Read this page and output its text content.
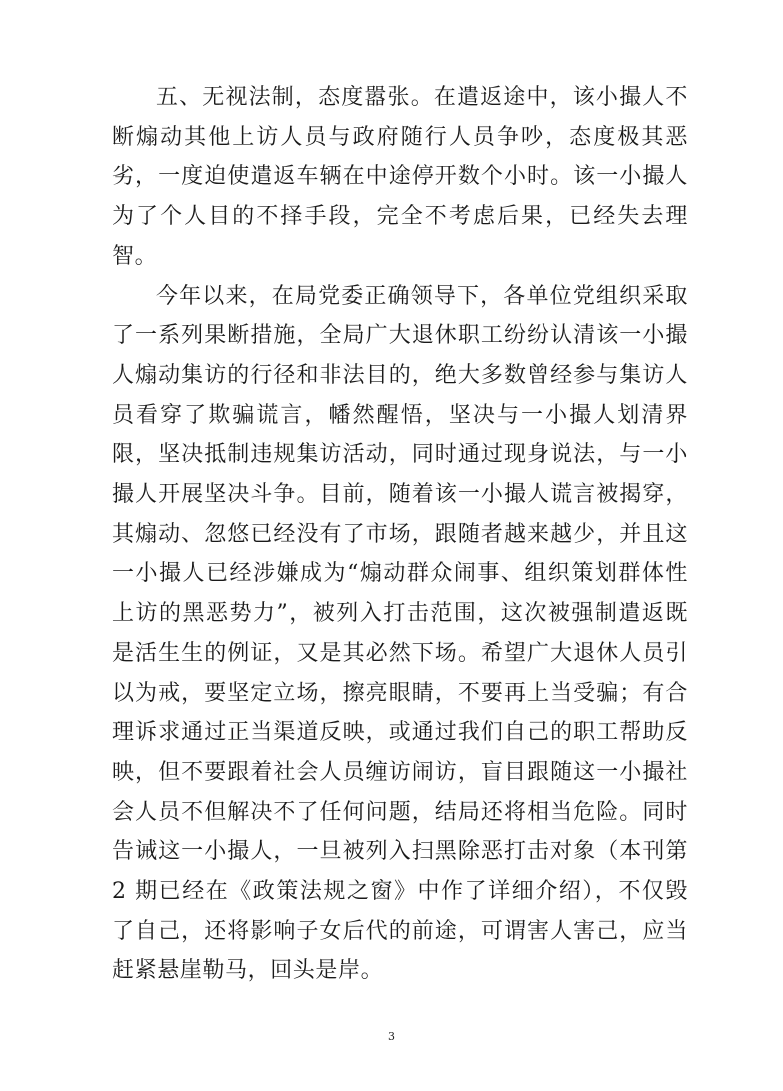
五、无视法制，态度嚣张。在遣返途中，该小撮人不断煽动其他上访人员与政府随行人员争吵，态度极其恶劣，一度迫使遣返车辆在中途停开数个小时。该一小撮人为了个人目的不择手段，完全不考虑后果，已经失去理智。

今年以来，在局党委正确领导下，各单位党组织采取了一系列果断措施，全局广大退休职工纷纷认清该一小撮人煽动集访的行径和非法目的，绝大多数曾经参与集访人员看穿了欺骗谎言，幡然醒悟，坚决与一小撮人划清界限，坚决抵制违规集访活动，同时通过现身说法，与一小撮人开展坚决斗争。目前，随着该一小撮人谎言被揭穿，其煽动、忽悠已经没有了市场，跟随者越来越少，并且这一小撮人已经涉嫌成为“煽动群众闹事、组织策划群体性上访的黑恶势力”，被列入打击范围，这次被强制遣返既是活生生的例证，又是其必然下场。希望广大退休人员引以为戒，要坚定立场，擦亮眼睛，不要再上当受骗；有合理诉求通过正当渠道反映，或通过我们自己的职工帮助反映，但不要跟着社会人员缠访闹访，盲目跟随这一小撮社会人员不但解决不了任何问题，结局还将相当危险。同时告诫这一小撮人，一旦被列入扫黑除恶打击对象（本刊第 2 期已经在《政策法规之窗》中作了详细介绍），不仅毁了自己，还将影响子女后代的前途，可谓害人害己，应当赶紧悬崖勒马，回头是岸。

3
